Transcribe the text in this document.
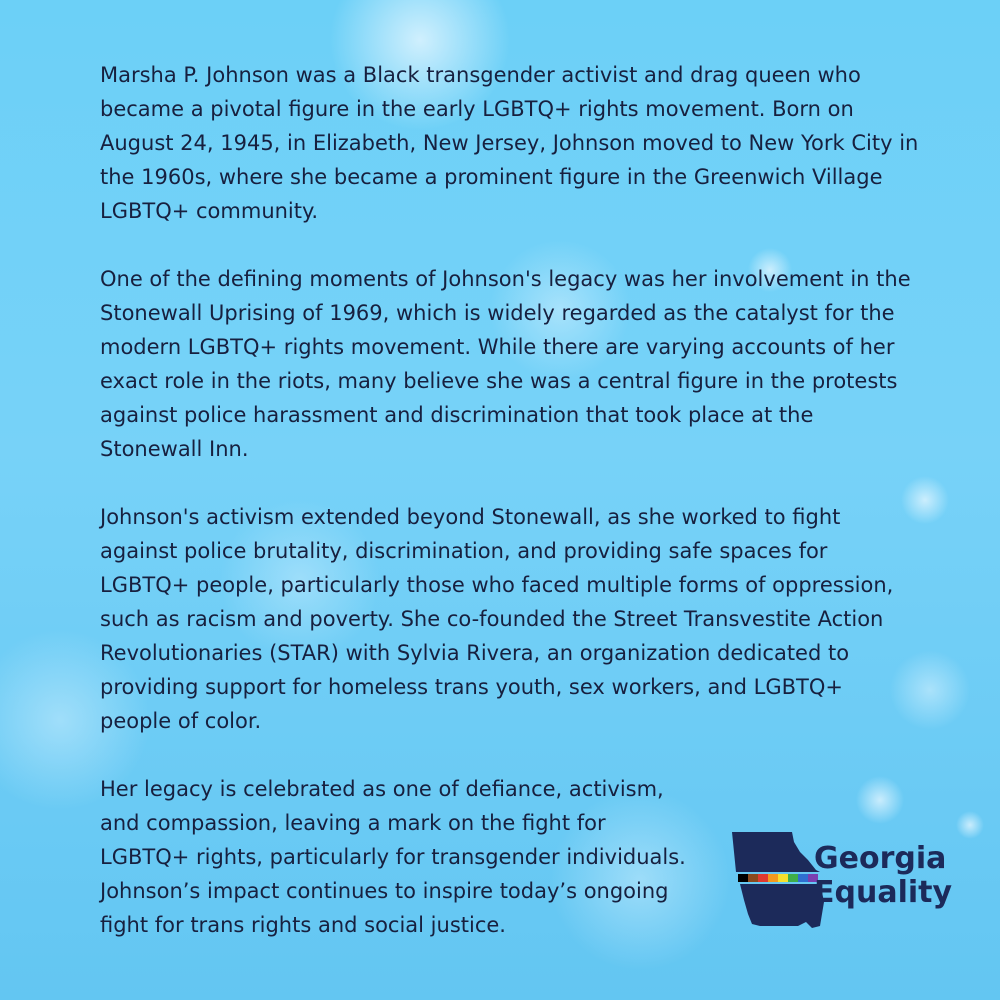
Marsha P. Johnson was a Black transgender activist and drag queen who became a pivotal figure in the early LGBTQ+ rights movement. Born on August 24, 1945, in Elizabeth, New Jersey, Johnson moved to New York City in the 1960s, where she became a prominent figure in the Greenwich Village LGBTQ+ community.

One of the defining moments of Johnson's legacy was her involvement in the Stonewall Uprising of 1969, which is widely regarded as the catalyst for the modern LGBTQ+ rights movement. While there are varying accounts of her exact role in the riots, many believe she was a central figure in the protests against police harassment and discrimination that took place at the Stonewall Inn.

Johnson's activism extended beyond Stonewall, as she worked to fight against police brutality, discrimination, and providing safe spaces for LGBTQ+ people, particularly those who faced multiple forms of oppression, such as racism and poverty. She co-founded the Street Transvestite Action Revolutionaries (STAR) with Sylvia Rivera, an organization dedicated to providing support for homeless trans youth, sex workers, and LGBTQ+ people of color.

Her legacy is celebrated as one of defiance, activism, and compassion, leaving a mark on the fight for LGBTQ+ rights, particularly for transgender individuals. Johnson’s impact continues to inspire today’s ongoing fight for trans rights and social justice.

Georgia
Equality
